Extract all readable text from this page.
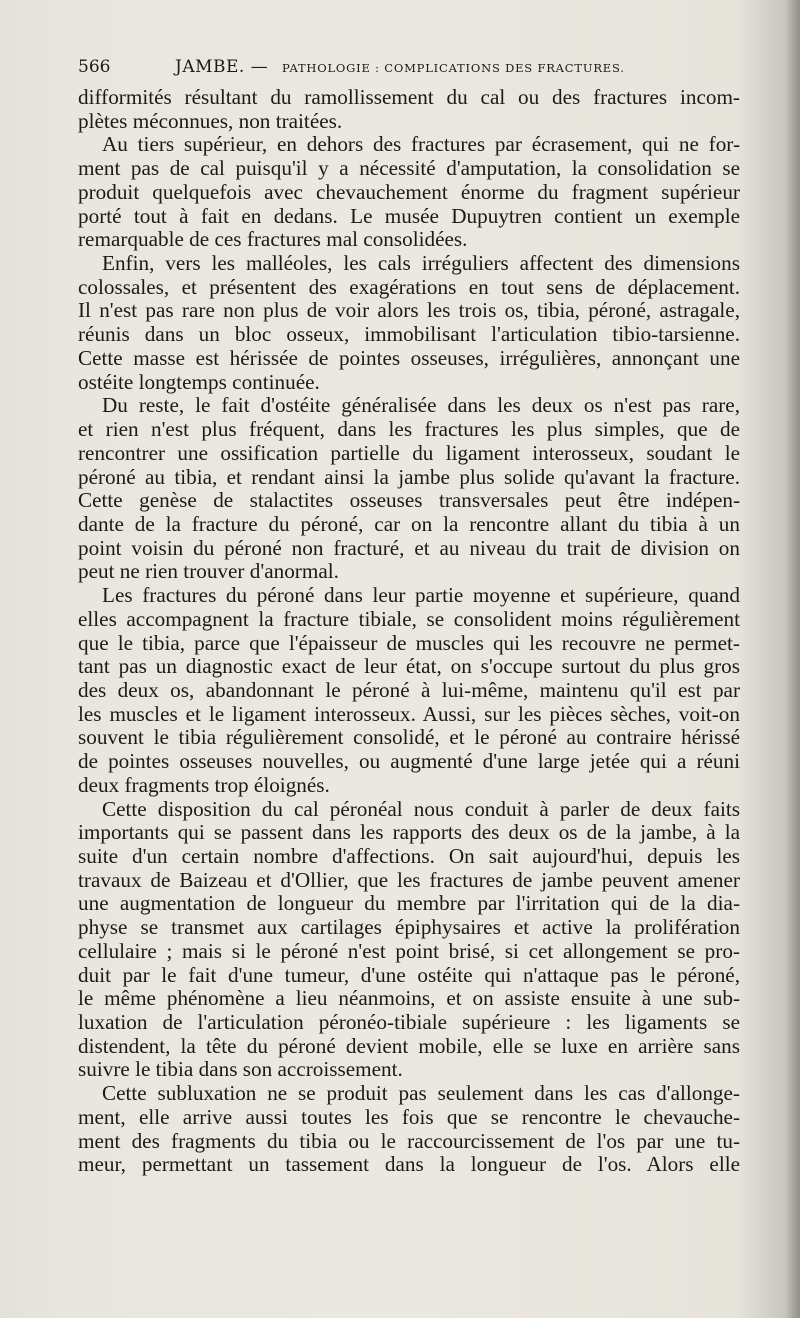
566	JAMBE. — PATHOLOGIE : COMPLICATIONS DES FRACTURES.
difformités résultant du ramollissement du cal ou des fractures incom-
plètes méconnues, non traitées.
Au tiers supérieur, en dehors des fractures par écrasement, qui ne for-
ment pas de cal puisqu'il y a nécessité d'amputation, la consolidation se
produit quelquefois avec chevauchement énorme du fragment supérieur
porté tout à fait en dedans. Le musée Dupuytren contient un exemple
remarquable de ces fractures mal consolidées.
Enfin, vers les malléoles, les cals irréguliers affectent des dimensions
colossales, et présentent des exagérations en tout sens de déplacement.
Il n'est pas rare non plus de voir alors les trois os, tibia, péroné, astragale,
réunis dans un bloc osseux, immobilisant l'articulation tibio-tarsienne.
Cette masse est hérissée de pointes osseuses, irrégulières, annonçant une
ostéite longtemps continuée.
Du reste, le fait d'ostéite généralisée dans les deux os n'est pas rare,
et rien n'est plus fréquent, dans les fractures les plus simples, que de
rencontrer une ossification partielle du ligament interosseux, soudant le
péroné au tibia, et rendant ainsi la jambe plus solide qu'avant la fracture.
Cette genèse de stalactites osseuses transversales peut être indépen-
dante de la fracture du péroné, car on la rencontre allant du tibia à un
point voisin du péroné non fracturé, et au niveau du trait de division on
peut ne rien trouver d'anormal.
Les fractures du péroné dans leur partie moyenne et supérieure, quand
elles accompagnent la fracture tibiale, se consolident moins régulièrement
que le tibia, parce que l'épaisseur de muscles qui les recouvre ne permet-
tant pas un diagnostic exact de leur état, on s'occupe surtout du plus gros
des deux os, abandonnant le péroné à lui-même, maintenu qu'il est par
les muscles et le ligament interosseux. Aussi, sur les pièces sèches, voit-on
souvent le tibia régulièrement consolidé, et le péroné au contraire hérissé
de pointes osseuses nouvelles, ou augmenté d'une large jetée qui a réuni
deux fragments trop éloignés.
Cette disposition du cal péronéal nous conduit à parler de deux faits
importants qui se passent dans les rapports des deux os de la jambe, à la
suite d'un certain nombre d'affections. On sait aujourd'hui, depuis les
travaux de Baizeau et d'Ollier, que les fractures de jambe peuvent amener
une augmentation de longueur du membre par l'irritation qui de la dia-
physe se transmet aux cartilages épiphysaires et active la prolifération
cellulaire ; mais si le péroné n'est point brisé, si cet allongement se pro-
duit par le fait d'une tumeur, d'une ostéite qui n'attaque pas le péroné,
le même phénomène a lieu néanmoins, et on assiste ensuite à une sub-
luxation de l'articulation péronéo-tibiale supérieure : les ligaments se
distendent, la tête du péroné devient mobile, elle se luxe en arrière sans
suivre le tibia dans son accroissement.
Cette subluxation ne se produit pas seulement dans les cas d'allonge-
ment, elle arrive aussi toutes les fois que se rencontre le chevauche-
ment des fragments du tibia ou le raccourcissement de l'os par une tu-
meur, permettant un tassement dans la longueur de l'os. Alors elle
